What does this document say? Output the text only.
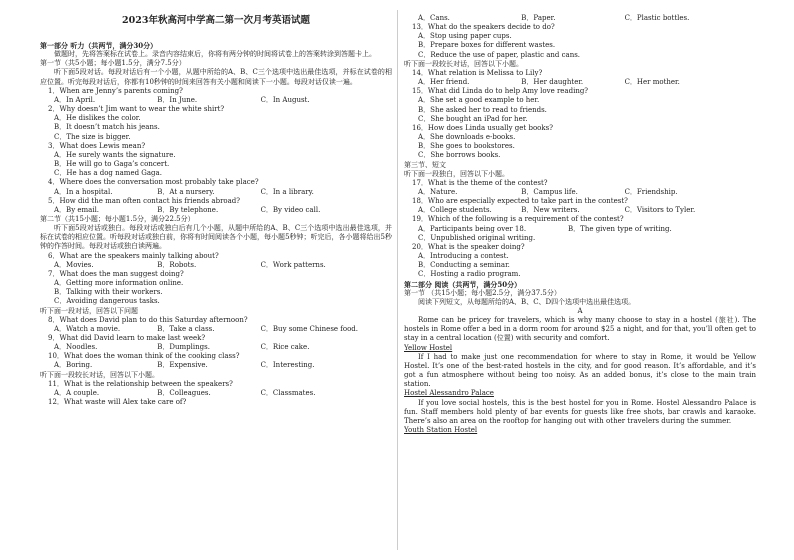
2023年秋高河中学高二第一次月考英语试题
第一部分 听力（共两节，满分30分）
做题时，先将答案标在试卷上。录音内容结束后，你将有两分钟的时间将试卷上的答案转涂到答题卡上。
第一节（共5小题；每小题1.5分，满分7.5分）
听下面5段对话。每段对话后有一个小题，从题中所给的A、B、C三个选项中选出最佳选项，并标在试卷的相应位置。听完每段对话后，你都有10秒钟的时间来回答有关小题和阅读下一小题。每段对话仅读一遍。
1．When are Jenny’s parents coming?
A．In April.	B．In June.	C．In August.
2．Why doesn’t Jim want to wear the white shirt?
A．He dislikes the color.
B．It doesn’t match his jeans.
C．The size is bigger.
3．What does Lewis mean?
A．He surely wants the signature.
B．He will go to Gaga’s concert.
C．He has a dog named Gaga.
4．Where does the conversation most probably take place?
A．In a hospital.	B．At a nursery.	C．In a library.
5．How did the man often contact his friends abroad?
A．By email.	B．By telephone.	C．By video call.
第二节（共15小题；每小题1.5分，满分22.5分）
听下面5段对话或独白。每段对话或独白后有几个小题，从题中所给的A、B、C三个选项中选出最佳选项，并标在试卷的相应位置。听每段对话或独白前，你将有时间阅读各个小题，每小题5秒钟；听完后，各小题将给出5秒钟的作答时间。每段对话或独白读两遍。
6．What are the speakers mainly talking about?
A．Movies.	B．Robots.	C．Work patterns.
7．What does the man suggest doing?
A．Getting more information online.
B．Talking with their workers.
C．Avoiding dangerous tasks.
听下面一段对话，回答以下问题
8．What does David plan to do this Saturday afternoon?
A．Watch a movie.	B．Take a class.	C．Buy some Chinese food.
9．What did David learn to make last week?
A．Noodles.	B．Dumplings.	C．Rice cake.
10．What does the woman think of the cooking class?
A．Boring.	B．Expensive.	C．Interesting.
听下面一段较长对话，回答以下小题。
11．What is the relationship between the speakers?
A．A couple.	B．Colleagues.	C．Classmates.
12．What waste will Alex take care of?
A．Cans.	B．Paper.	C．Plastic bottles.
13．What do the speakers decide to do?
A．Stop using paper cups.
B．Prepare boxes for different wastes.
C．Reduce the use of paper, plastic and cans.
听下面一段较长对话，回答以下小题。
14．What relation is Melissa to Lily?
A．Her friend.	B．Her daughter.	C．Her mother.
15．What did Linda do to help Amy love reading?
A．She set a good example to her.
B．She asked her to read to friends.
C．She bought an iPad for her.
16．How does Linda usually get books?
A．She downloads e-books.
B．She goes to bookstores.
C．She borrows books.
第三节、短文
听下面一段独白，回答以下小题。
17．What is the theme of the contest?
A．Nature.	B．Campus life.	C．Friendship.
18．Who are especially expected to take part in the contest?
A．College students.	B．New writers.	C．Visitors to Tyler.
19．Which of the following is a requirement of the contest?
A．Participants being over 18.	B．The given type of writing.
C．Unpublished original writing.
20．What is the speaker doing?
A．Introducing a contest.
B．Conducting a seminar.
C．Hosting a radio program.
第二部分 阅读（共两节，满分50分）
第一节 （共15小题；每小题2.5分，满分37.5分）
阅读下列短文，从每题所给的A、B、C、D四个选项中选出最佳选项。
A
Rome can be pricey for travelers, which is why many choose to stay in a hostel (旅社). The hostels in Rome offer a bed in a dorm room for around $25 a night, and for that, you’ll often get to stay in a central location (位置) with security and comfort.
Yellow Hostel
If I had to make just one recommendation for where to stay in Rome, it would be Yellow Hostel. It’s one of the best-rated hostels in the city, and for good reason. It’s affordable, and it’s got a fun atmosphere without being too noisy. As an added bonus, it’s close to the main train station.
Hostel Alessandro Palace
If you love social hostels, this is the best hostel for you in Rome. Hostel Alessandro Palace is fun. Staff members hold plenty of bar events for guests like free shots, bar crawls and karaoke. There’s also an area on the rooftop for hanging out with other travelers during the summer.
Youth Station Hostel
